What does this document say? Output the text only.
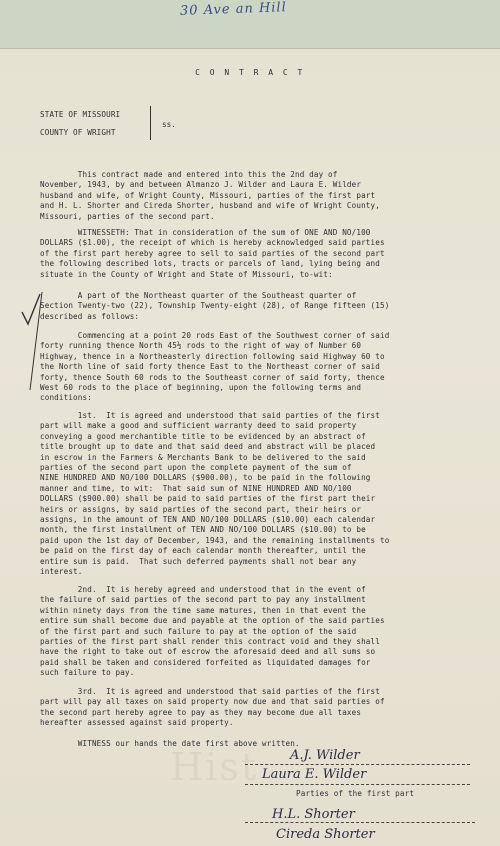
30 Ave an Hill
C O N T R A C T
STATE OF MISSOURI
COUNTY OF WRIGHT
ss.
This contract made and entered into this the 2nd day of
November, 1943, by and between Almanzo J. Wilder and Laura E. Wilder
husband and wife, of Wright County, Missouri, parties of the first part
and H. L. Shorter and Cireda Shorter, husband and wife of Wright County,
Missouri, parties of the second part.
WITNESSETH: That in consideration of the sum of ONE AND NO/100
DOLLARS ($1.00), the receipt of which is hereby acknowledged said parties
of the first part hereby agree to sell to said parties of the second part
the following described lots, tracts or parcels of land, lying being and
situate in the County of Wright and State of Missouri, to-wit:
A part of the Northeast quarter of the Southeast quarter of
Section Twenty-two (22), Township Twenty-eight (28), of Range fifteen (15)
described as follows:
Commencing at a point 20 rods East of the Southwest corner of said
forty running thence North 45½ rods to the right of way of Number 60
Highway, thence in a Northeasterly direction following said Highway 60 to
the North line of said forty thence East to the Northeast corner of said
forty, thence South 60 rods to the Southeast corner of said forty, thence
West 60 rods to the place of beginning, upon the following terms and
conditions:
1st.  It is agreed and understood that said parties of the first
part will make a good and sufficient warranty deed to said property
conveying a good merchantible title to be evidenced by an abstract of
title brought up to date and that said deed and abstract will be placed
in escrow in the Farmers & Merchants Bank to be delivered to the said
parties of the second part upon the complete payment of the sum of
NINE HUNDRED AND NO/100 DOLLARS ($900.00), to be paid in the following
manner and time, to wit:  That said sum of NINE HUNDRED AND NO/100
DOLLARS ($900.00) shall be paid to said parties of the first part their
heirs or assigns, by said parties of the second part, their heirs or
assigns, in the amount of TEN AND NO/100 DOLLARS ($10.00) each calendar
month, the first installment of TEN AND NO/100 DOLLARS ($10.00) to be
paid upon the 1st day of December, 1943, and the remaining installments to
be paid on the first day of each calendar month thereafter, until the
entire sum is paid.  That such deferred payments shall not bear any
interest.
2nd.  It is hereby agreed and understood that in the event of
the failure of said parties of the second part to pay any installment
within ninety days from the time same matures, then in that event the
entire sum shall become due and payable at the option of the said parties
of the first part and such failure to pay at the option of the said
parties of the first part shall render this contract void and they shall
have the right to take out of escrow the aforesaid deed and all sums so
paid shall be taken and considered forfeited as liquidated damages for
such failure to pay.
3rd.  It is agreed and understood that said parties of the first
part will pay all taxes on said property now due and that said parties of
the second part hereby agree to pay as they may become due all taxes
hereafter assessed against said property.
WITNESS our hands the date first above written.
Hist A.J. Wilder
Laura E. Wilder
Parties of the first part
H.L. Shorter
Cireda Shorter
